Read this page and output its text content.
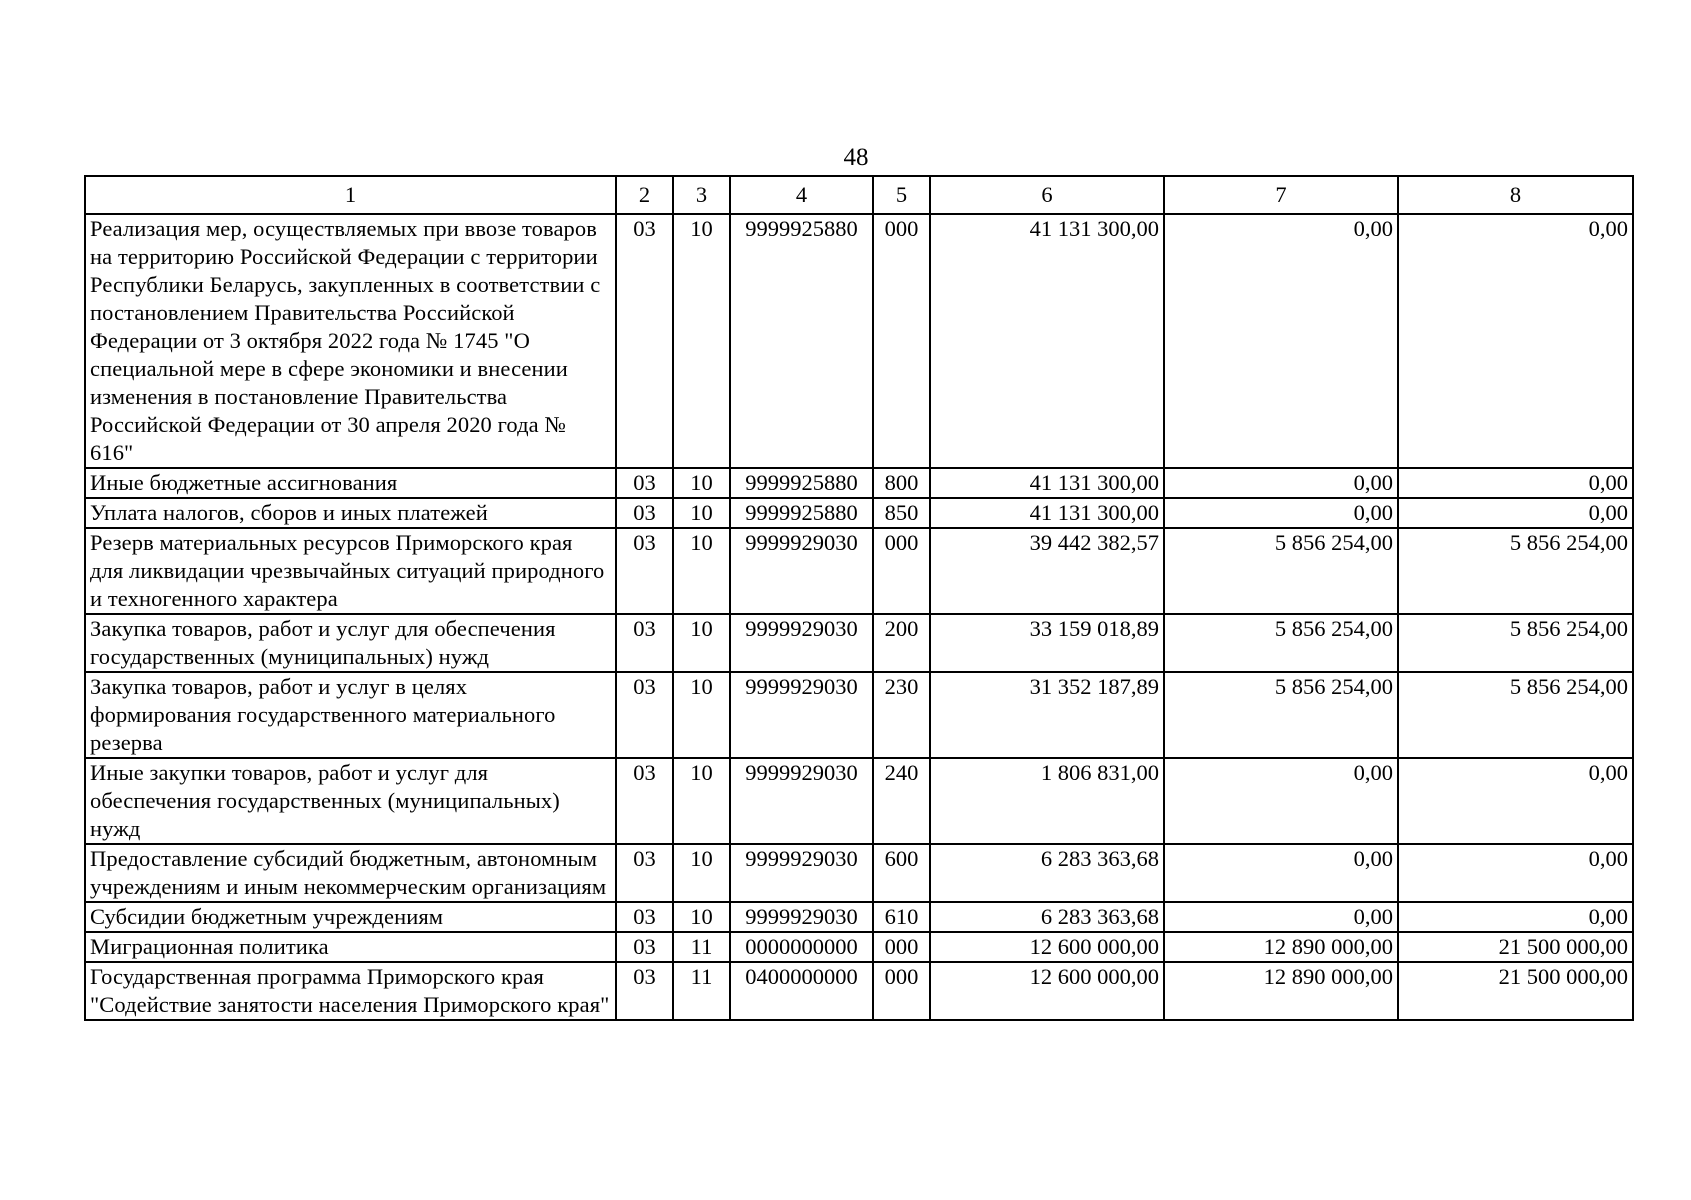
48
1	2	3	4	5	6	7	8
Реализация мер, осуществляемых при ввозе товаров на территорию Российской Федерации с территории Республики Беларусь, закупленных в соответствии с постановлением Правительства Российской Федерации от 3 октября 2022 года № 1745 "О специальной мере в сфере экономики и внесении изменения в постановление Правительства Российской Федерации от 30 апреля 2020 года № 616"	03	10	9999925880	000	41 131 300,00	0,00	0,00
Иные бюджетные ассигнования	03	10	9999925880	800	41 131 300,00	0,00	0,00
Уплата налогов, сборов и иных платежей	03	10	9999925880	850	41 131 300,00	0,00	0,00
Резерв материальных ресурсов Приморского края для ликвидации чрезвычайных ситуаций природного и техногенного характера	03	10	9999929030	000	39 442 382,57	5 856 254,00	5 856 254,00
Закупка товаров, работ и услуг для обеспечения государственных (муниципальных) нужд	03	10	9999929030	200	33 159 018,89	5 856 254,00	5 856 254,00
Закупка товаров, работ и услуг в целях формирования государственного материального резерва	03	10	9999929030	230	31 352 187,89	5 856 254,00	5 856 254,00
Иные закупки товаров, работ и услуг для обеспечения государственных (муниципальных) нужд	03	10	9999929030	240	1 806 831,00	0,00	0,00
Предоставление субсидий бюджетным, автономным учреждениям и иным некоммерческим организациям	03	10	9999929030	600	6 283 363,68	0,00	0,00
Субсидии бюджетным учреждениям	03	10	9999929030	610	6 283 363,68	0,00	0,00
Миграционная политика	03	11	0000000000	000	12 600 000,00	12 890 000,00	21 500 000,00
Государственная программа Приморского края "Содействие занятости населения Приморского края"	03	11	0400000000	000	12 600 000,00	12 890 000,00	21 500 000,00
